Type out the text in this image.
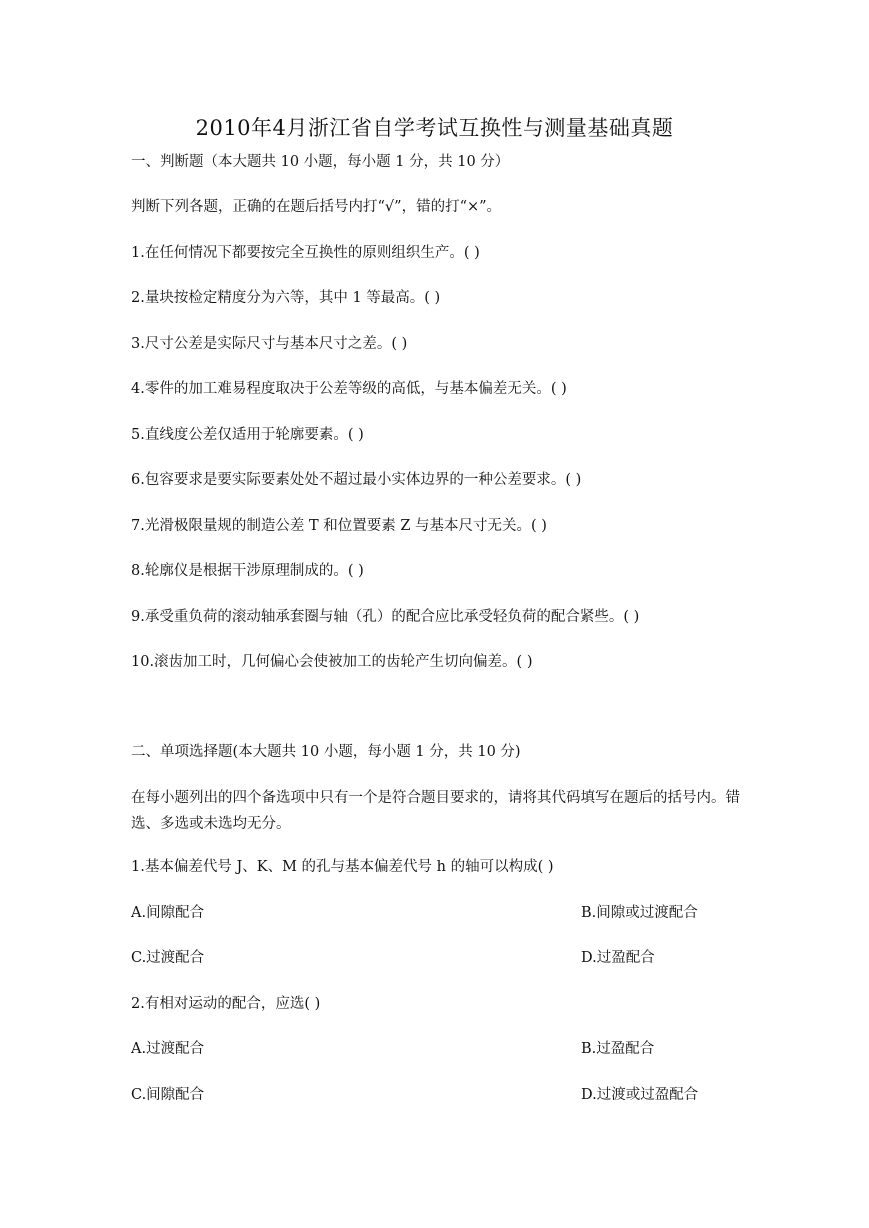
2010年4月浙江省自学考试互换性与测量基础真题
一、判断题（本大题共 10 小题，每小题 1 分，共 10 分）
判断下列各题，正确的在题后括号内打“√”，错的打“×”。
1.在任何情况下都要按完全互换性的原则组织生产。( )
2.量块按检定精度分为六等，其中 1 等最高。( )
3.尺寸公差是实际尺寸与基本尺寸之差。( )
4.零件的加工难易程度取决于公差等级的高低，与基本偏差无关。( )
5.直线度公差仅适用于轮廓要素。( )
6.包容要求是要实际要素处处不超过最小实体边界的一种公差要求。( )
7.光滑极限量规的制造公差 T 和位置要素 Z 与基本尺寸无关。( )
8.轮廓仪是根据干涉原理制成的。( )
9.承受重负荷的滚动轴承套圈与轴（孔）的配合应比承受轻负荷的配合紧些。( )
10.滚齿加工时，几何偏心会使被加工的齿轮产生切向偏差。( )
二、单项选择题(本大题共 10 小题，每小题 1 分，共 10 分)
在每小题列出的四个备选项中只有一个是符合题目要求的，请将其代码填写在题后的括号内。错选、多选或未选均无分。
1.基本偏差代号 J、K、M 的孔与基本偏差代号 h 的轴可以构成( )
A.间隙配合	B.间隙或过渡配合
C.过渡配合	D.过盈配合
2.有相对运动的配合，应选( )
A.过渡配合	B.过盈配合
C.间隙配合	D.过渡或过盈配合
